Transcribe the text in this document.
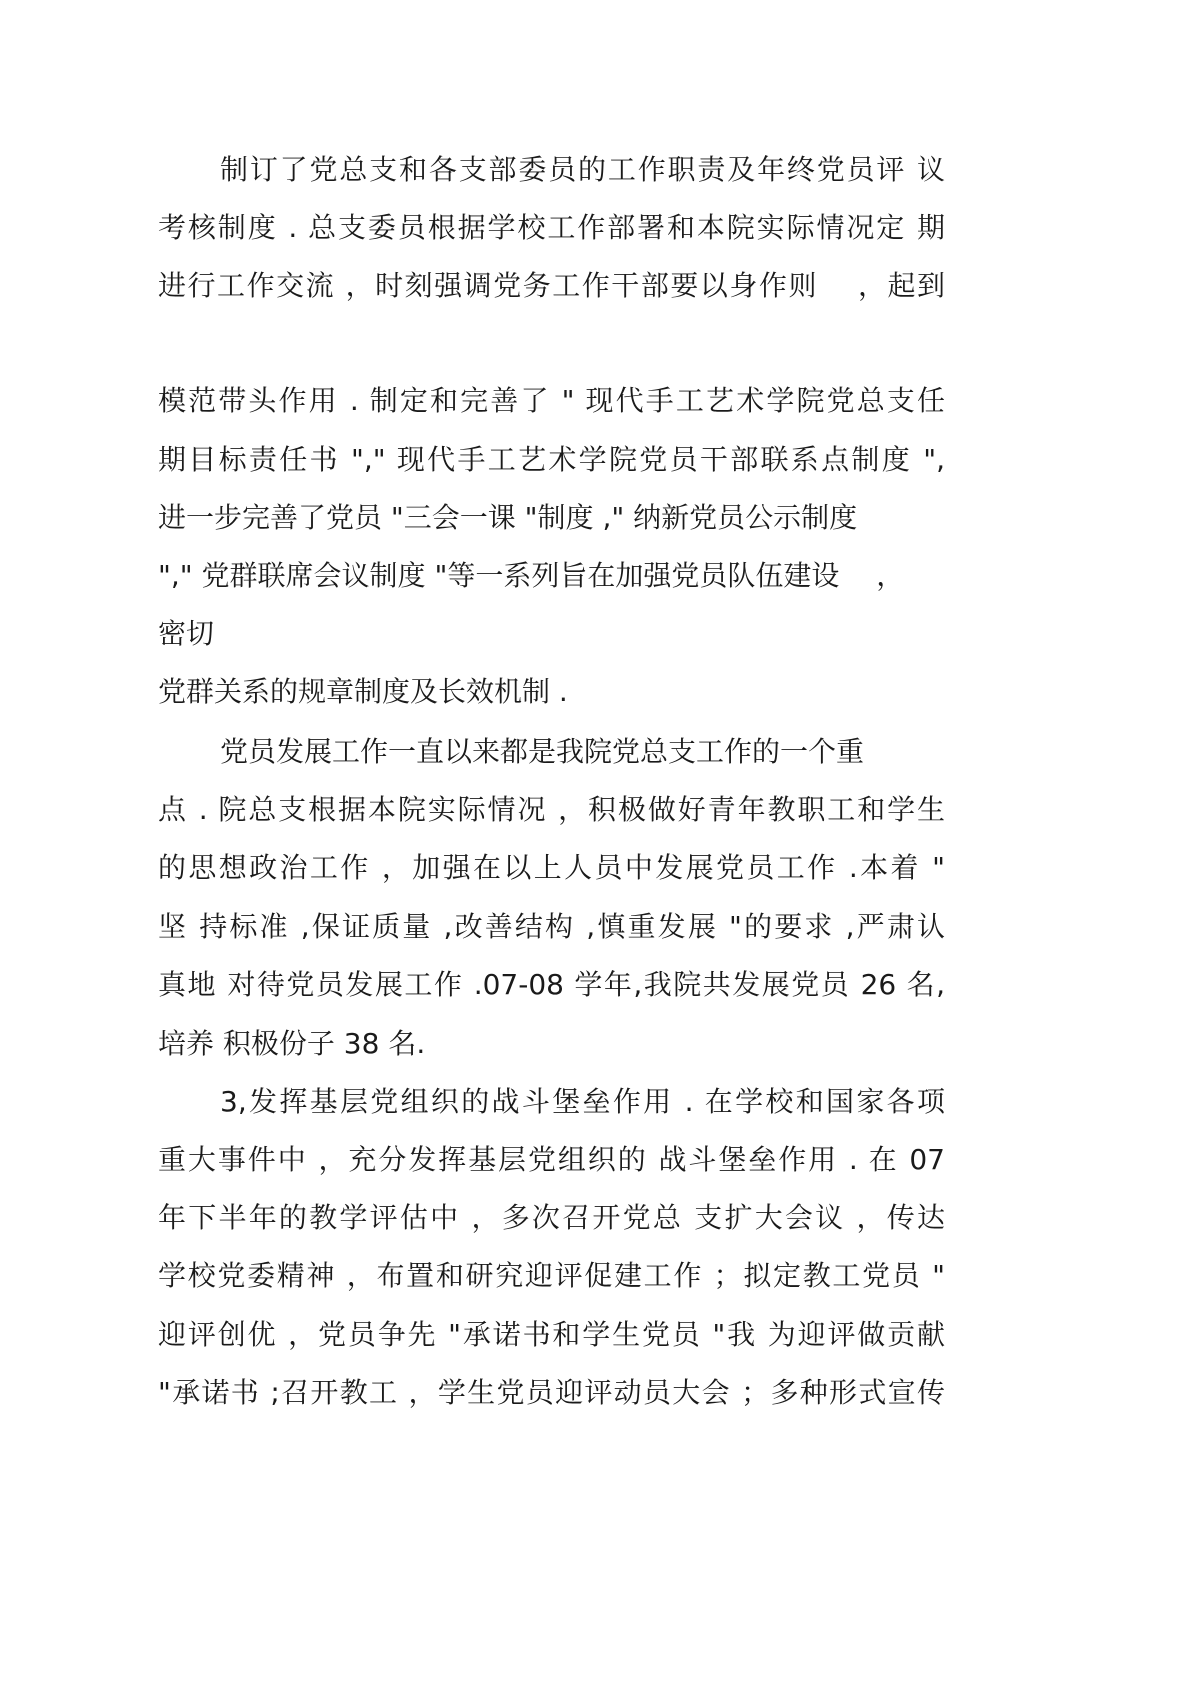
制订了党总支和各支部委员的工作职责及年终党员评 议
考核制度 . 总支委员根据学校工作部署和本院实际情况定 期
进行工作交流 ，时刻强调党务工作干部要以身作则 　，起到
模范带头作用 . 制定和完善了 " 现代手工艺术学院党总支任
期目标责任书 "," 现代手工艺术学院党员干部联系点制度 ",
进一步完善了党员 "三会一课 "制度 ," 纳新党员公示制度
"," 党群联席会议制度 "等一系列旨在加强党员队伍建设 　，
密切
党群关系的规章制度及长效机制 .
党员发展工作一直以来都是我院党总支工作的一个重
点 . 院总支根据本院实际情况 ，积极做好青年教职工和学生
的思想政治工作 ，加强在以上人员中发展党员工作 .本着 "
坚 持标准 ,保证质量 ,改善结构 ,慎重发展 "的要求 ,严肃认
真地 对待党员发展工作 .07-08 学年,我院共发展党员 26 名,
培养 积极份子 38 名.
3,发挥基层党组织的战斗堡垒作用 . 在学校和国家各项
重大事件中 ，充分发挥基层党组织的 战斗堡垒作用 . 在 07
年下半年的教学评估中 ，多次召开党总 支扩大会议 ，传达
学校党委精神 ，布置和研究迎评促建工作 ；拟定教工党员 "
迎评创优 ，党员争先 "承诺书和学生党员 "我 为迎评做贡献
"承诺书 ;召开教工 ，学生党员迎评动员大会 ；多种形式宣传
